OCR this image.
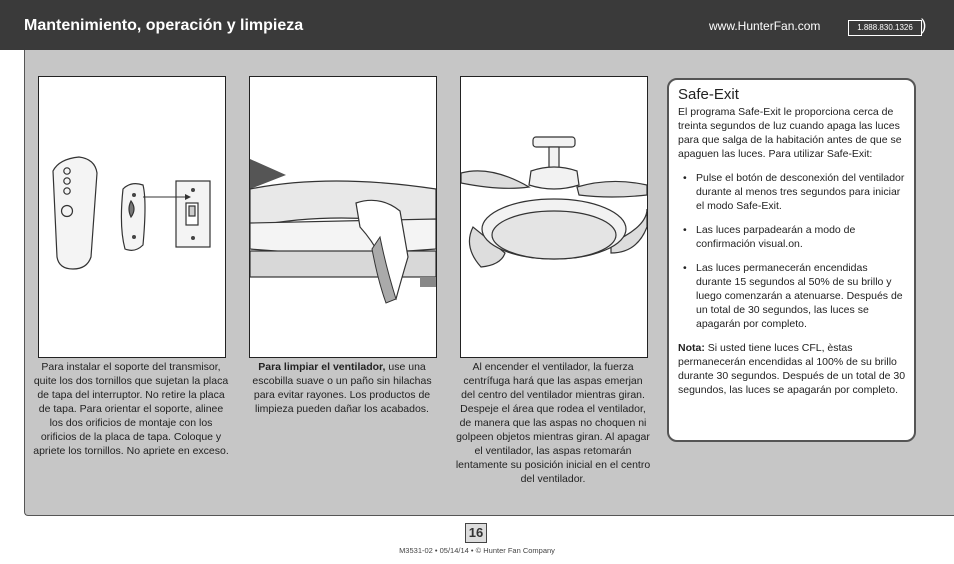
Mantenimiento, operación y limpieza	www.HunterFan.com	1.888.830.1326 )
Para instalar el soporte del transmisor, quite los dos tornillos que sujetan la placa de tapa del interruptor. No retire la placa de tapa. Para orientar el soporte, alinee los dos orificios de montaje con los orificios de la placa de tapa. Coloque y apriete los tornillos. No apriete en exceso.
Para limpiar el ventilador, use una escobilla suave o un paño sin hilachas para evitar rayones. Los productos de limpieza pueden dañar los acabados.
Al encender el ventilador, la fuerza centrífuga hará que las aspas emerjan del centro del ventilador mientras giran. Despeje el área que rodea el ventilador, de manera que las aspas no choquen ni golpeen objetos mientras giran. Al apagar el ventilador, las aspas retomarán lentamente su posición inicial en el centro del ventilador.
Safe-Exit

El programa Safe-Exit le proporciona cerca de treinta segundos de luz cuando apaga las luces para que salga de la habitación antes de que se apaguen las luces. Para utilizar Safe-Exit:

• Pulse el botón de desconexión del ventilador durante al menos tres segundos para iniciar el modo Safe-Exit.
• Las luces parpadearán a modo de confirmación visual.on.
• Las luces permanecerán encendidas durante 15 segundos al 50% de su brillo y luego comenzarán a atenuarse. Después de un total de 30 segundos, las luces se apagarán por completo.

Nota: Si usted tiene luces CFL, èstas permanecerán encendidas al 100% de su brillo durante 30 segundos. Después de un total de 30 segundos, las luces se apagarán por completo.

16
M3531-02 • 05/14/14 • © Hunter Fan Company
